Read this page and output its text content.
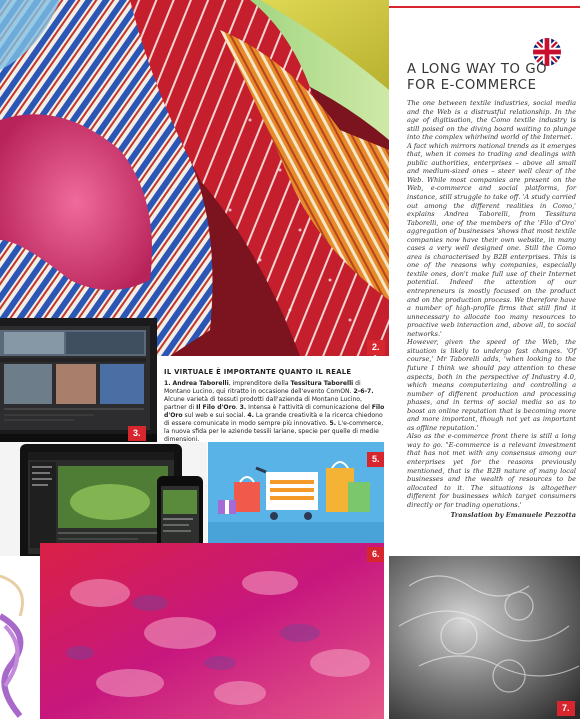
2.
3.
5.
6.
7.
IL VIRTUALE È IMPORTANTE QUANTO IL REALE
1. Andrea Taborelli, imprenditore della Tessitura Taborelli di Montano Lucino, qui ritratto in occasione dell'evento ComON. 2-6-7. Alcune varietà di tessuti prodotti dall'azienda di Montano Lucino, partner di Il Filo d'Oro. 3. Intensa è l'attività di comunicazione del Filo d'Oro sul web e sui social. 4. La grande creatività e la ricerca chiedono di essere comunicate in modo sempre più innovativo. 5. L'e-commerce, la nuova sfida per le aziende tessili lariane, specie per quelle di medie dimensioni.
A LONG WAY TO GO FOR E-COMMERCE

The one between textile industries, social media and the Web is a distrustful relationship. In the age of digitisation, the Como textile industry is still poised on the diving board waiting to plunge into the complex whirlwind world of the Internet.

A fact which mirrors national trends as it emerges that, when it comes to trading and dealings with public authorities, enterprises – above all small and medium-sized ones – steer well clear of the Web. While most companies are present on the Web, e-commerce and social platforms, for instance, still struggle to take off. 'A study carried out among the different realities in Como,' explains Andrea Taborelli, from Tessitura Taborelli, one of the members of the 'Filo d'Oro' aggregation of businesses 'shows that most textile companies now have their own website, in many cases a very well designed one. Still the Como area is characterised by B2B enterprises. This is one of the reasons why companies, especially textile ones, don't make full use of their Internet potential. Indeed the attention of our entrepreneurs is mostly focused on the product and on the production process. We therefore have a number of high-profile firms that still find it unnecessary to allocate too many resources to proactive web interaction and, above all, to social networks.'

However, given the speed of the Web, the situation is likely to undergo fast changes. 'Of course,' Mr Taborelli adds, 'when looking to the future I think we should pay attention to these aspects, both in the perspective of Industry 4.0, which means computerizing and controlling a number of different production and processing phases, and in terms of social media so as to boost an online reputation that is becoming more and more important, though not yet as important as offline reputation.'

Also as the e-commerce front there is still a long way to go. "E-commerce is a relevant investment that has not met with any consensus among our enterprises yet for the reasons previously mentioned, that is the B2B nature of many local businesses and the wealth of resources to be allocated to it. The situations is altogether different for businesses which target consumers directly or for trading operations.'

Translation by Emanuele Pezzotta
